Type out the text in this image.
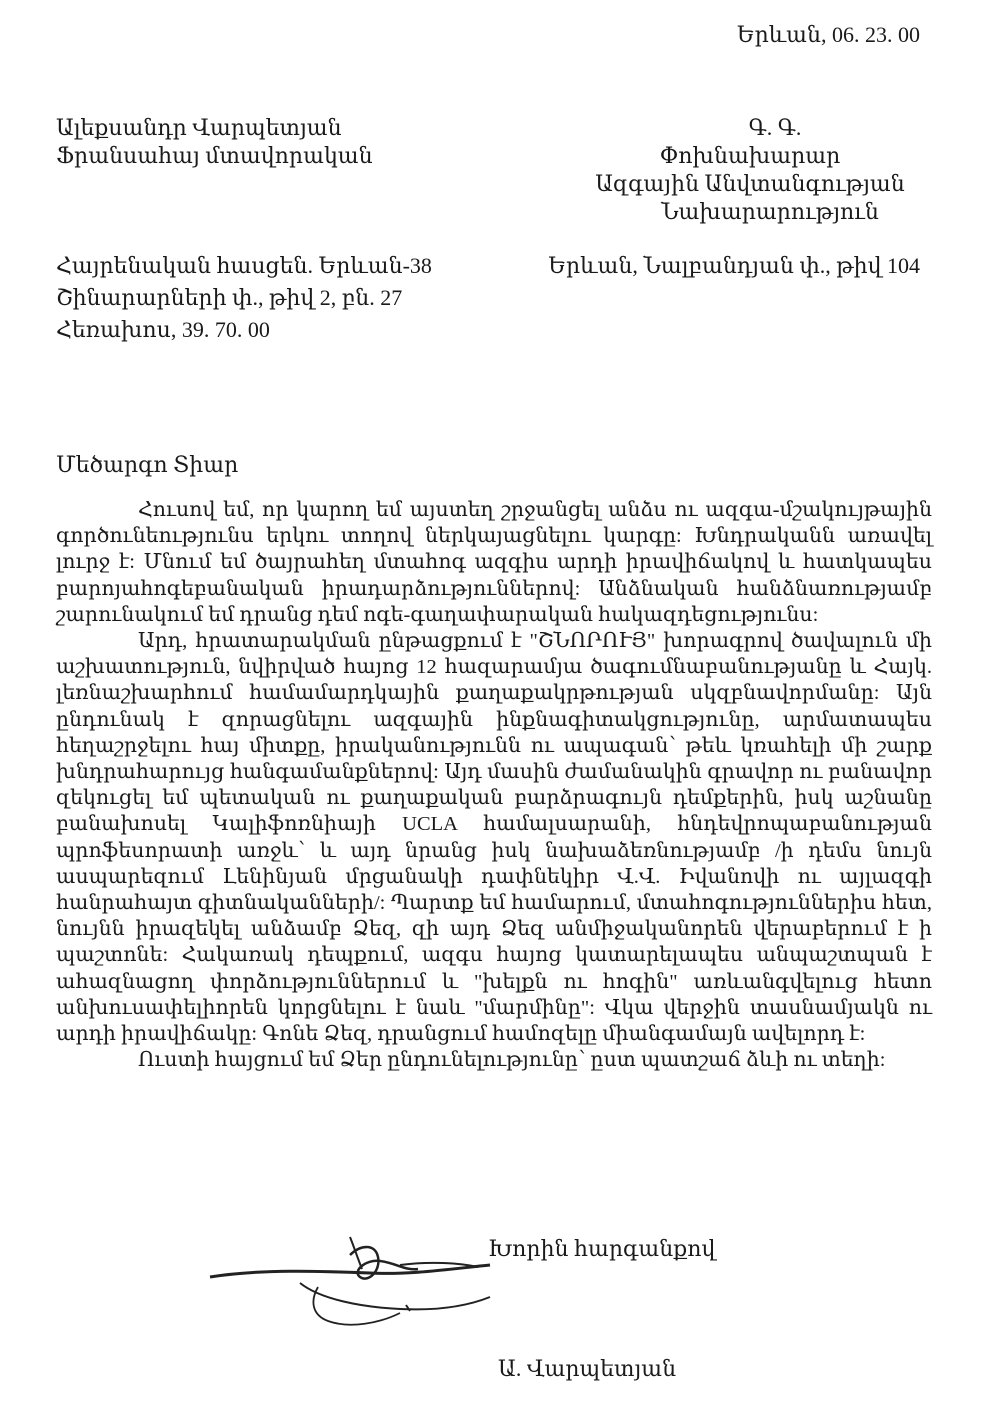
Երևան, 06. 23. 00
Ալեքսանդր Վարպետյան
Ֆրանսահայ մտավորական
Գ. Գ.
Փոխնախարար
Ազգային Անվտանգության
Նախարարություն
Հայրենական հասցեն. Երևան-38
Շինարարների փ., թիվ 2, բն. 27
Հեռախոս, 39. 70. 00
Երևան, Նալբանդյան փ., թիվ 104
Մեծարգո Տիար

Հուսով եմ, որ կարող եմ այստեղ շրջանցել անձս ու ազգա-մշակույթային գործունեությունս երկու տողով ներկայացնելու կարգը: Խնդրականն առավել լուրջ է: Մնում եմ ծայրահեղ մտահոգ ազգիս արդի իրավիճակով և հատկապես բարոյահոգեբանական իրադարձություններով: Անձնական հանձնառությամբ շարունակում եմ դրանց դեմ ոգե-գաղափարական հակազդեցությունս:

Արդ, հրատարակման ընթացքում է "ՇՆՈՐՈՒՅ" խորագրով ծավալուն մի աշխատություն, նվիրված հայոց 12 հազարամյա ծագումնաբանությանը և Հայկ. լեռնաշխարհում համամարդկային քաղաքակրթության սկզբնավորմանը: Այն ընդունակ է զորացնելու ազգային ինքնագիտակցությունը, արմատապես հեղաշրջելու հայ միտքը, իրականությունն ու ապագան՝ թեև կռահելի մի շարք խնդրահարույց հանգամանքներով: Այդ մասին ժամանակին գրավոր ու բանավոր զեկուցել եմ պետական ու քաղաքական բարձրագույն դեմքերին, իսկ աշնանը բանախոսել Կալիֆոռնիայի UCLA համալսարանի, հնդեվրոպաբանության պրոֆեսորատի առջև՝ և այդ նրանց իսկ նախաձեռնությամբ /ի դեմս նույն ասպարեզում Լենինյան մրցանակի դափնեկիր Վ.Վ. Իվանովի ու այլազգի հանրահայտ գիտնականների/: Պարտք եմ համարում, մտահոգություններիս հետ, նույնն իրազեկել անձամբ Ձեզ, զի այդ Ձեզ անմիջականորեն վերաբերում է ի պաշտոնե: Հակառակ դեպքում, ազգս հայոց կատարելապես անպաշտպան է ահազնացող փորձություններում և "խելքն ու հոգին" առևանգվելուց հետո անխուսափելիորեն կորցնելու է նաև "մարմինը": Վկա վերջին տասնամյակն ու արդի իրավիճակը: Գոնե Ձեզ, դրանցում համոզելը միանգամայն ավելորդ է:

Ուստի հայցում եմ Ձեր ընդունելությունը՝ ըստ պատշաճ ձևի ու տեղի:

Խորին հարգանքով
Ա. Վարպետյան
